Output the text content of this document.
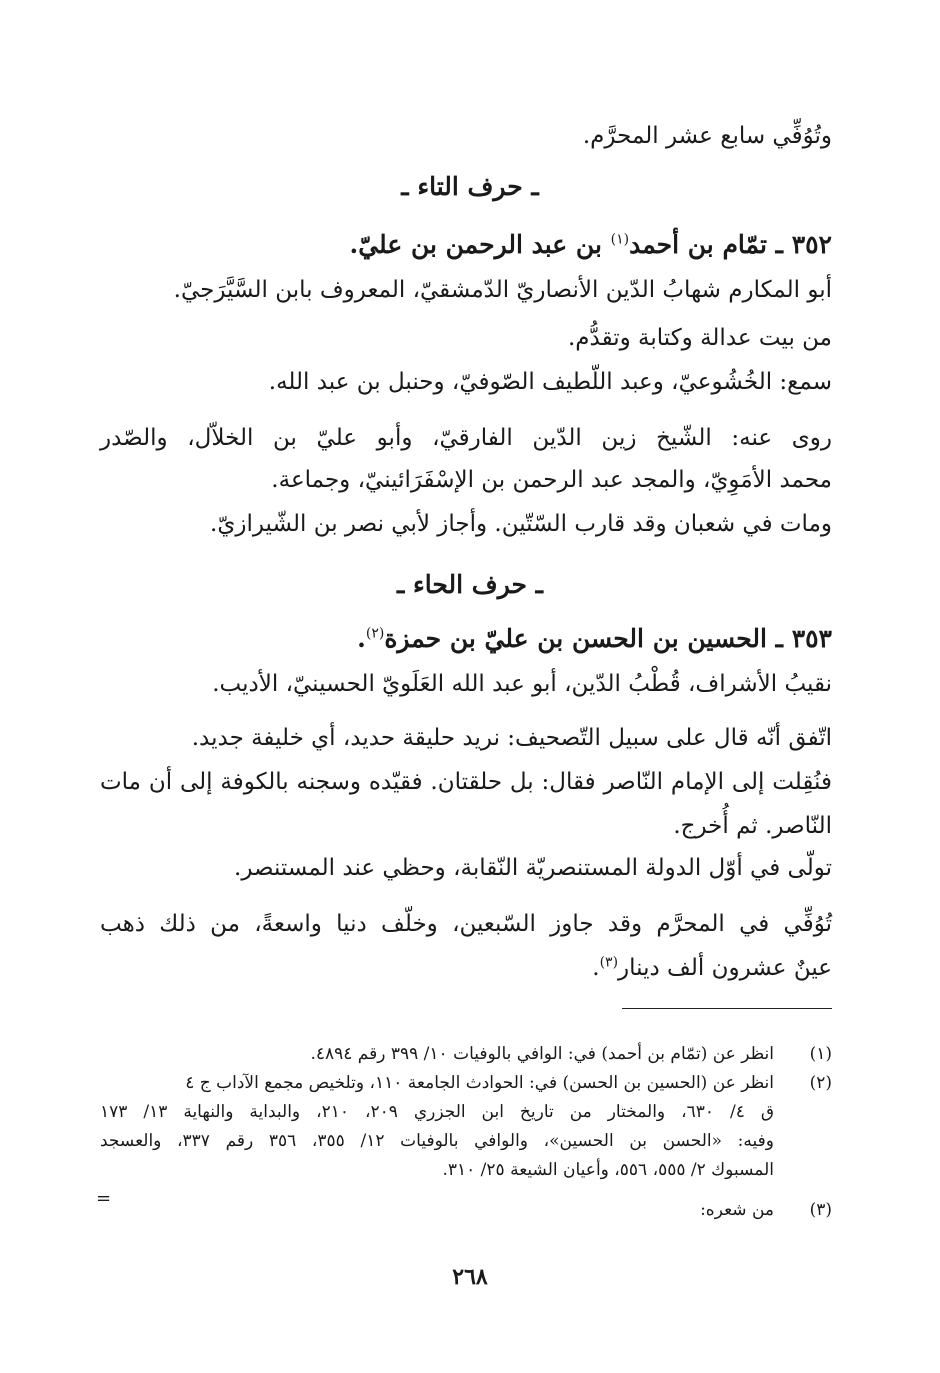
وتُوُفِّي سابع عشر المحرَّم.
ـ حرف التاء ـ
٣٥٢ ـ تمّام بن أحمد$^{(١)}$ بن عبد الرحمن بن عليّ.
أبو المكارم شهابُ الدّين الأنصاريّ الدّمشقيّ، المعروف بابن السَّيَّرَجيّ.
من بيت عدالة وكتابة وتقدُّم.
سمع: الخُشُوعيّ، وعبد اللّطيف الصّوفيّ، وحنبل بن عبد الله.
روى عنه: الشّيخ زين الدّين الفارقيّ، وأبو عليّ بن الخلاّل، والصّدر
محمد الأمَوِيّ، والمجد عبد الرحمن بن الإسْفَرَائينيّ، وجماعة.
ومات في شعبان وقد قارب السّتّين. وأجاز لأبي نصر بن الشّيرازيّ.
ـ حرف الحاء ـ
٣٥٣ ـ الحسين بن الحسن بن عليّ بن حمزة$^{(٢)}$.
نقيبُ الأشراف، قُطْبُ الدّين، أبو عبد الله العَلَويّ الحسينيّ، الأديب.
اتّفق أنّه قال على سبيل التّصحيف: نريد حليقة حديد، أي خليفة جديد.
فنُقِلت إلى الإمام النّاصر فقال: بل حلقتان. فقيّده وسجنه بالكوفة إلى أن مات
النّاصر. ثم أُخرج.
تولّى في أوّل الدولة المستنصريّة النّقابة، وحظي عند المستنصر.
تُوُفِّي في المحرَّم وقد جاوز السّبعين، وخلّف دنيا واسعةً، من ذلك ذهب
عينٌ عشرون ألف دينار$^{(٣)}$.
(١)انظر عن (تمّام بن أحمد) في: الوافي بالوفيات ١٠/ ٣٩٩ رقم ٤٨٩٤.
(٢)انظر عن (الحسين بن الحسن) في: الحوادث الجامعة ١١٠، وتلخيص مجمع الآداب ج ٤
ق ٤/ ٦٣٠، والمختار من تاريخ ابن الجزري ٢٠٩، ٢١٠، والبداية والنهاية ١٣/ ١٧٣
وفيه: «الحسن بن الحسين»، والوافي بالوفيات ١٢/ ٣٥٥، ٣٥٦ رقم ٣٣٧، والعسجد
المسبوك ٢/ ٥٥٥، ٥٥٦، وأعيان الشيعة ٢٥/ ٣١٠.
(٣)من شعره:
=
٢٦٨
